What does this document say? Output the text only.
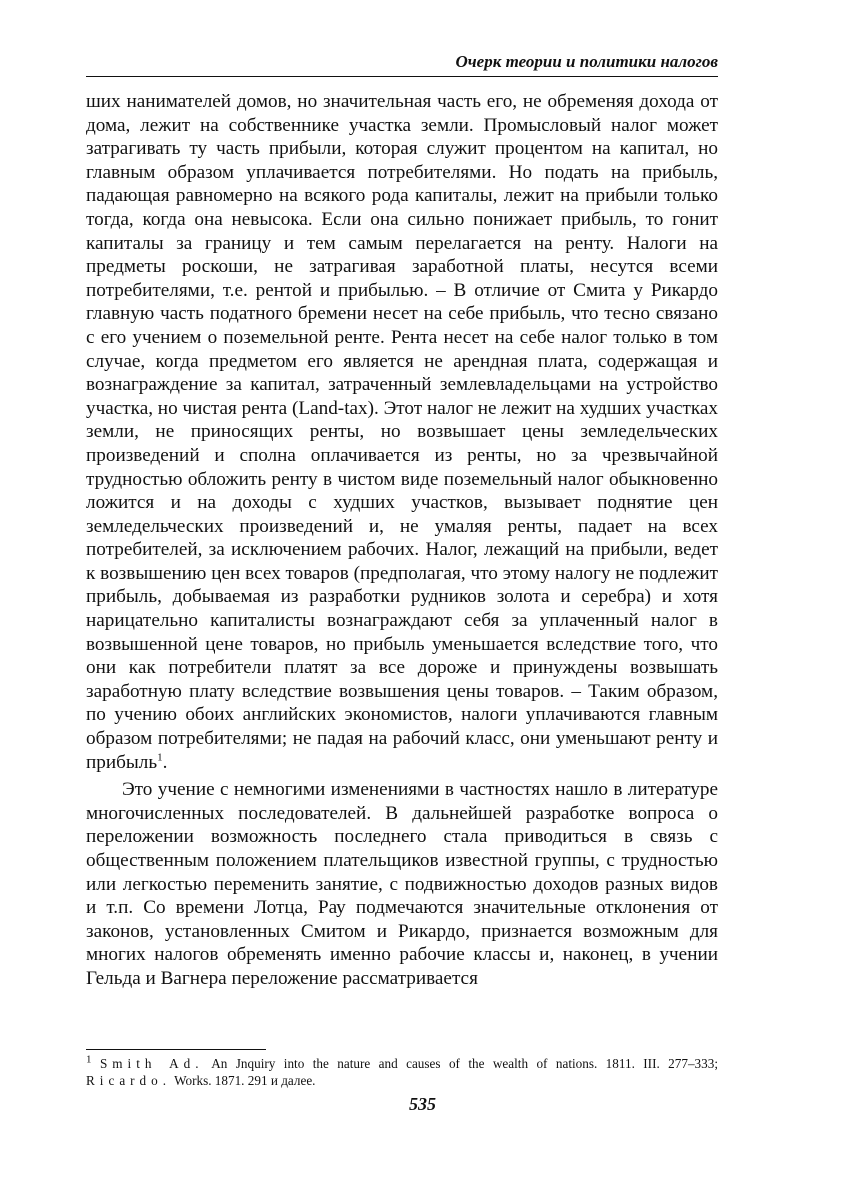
Очерк теории и политики налогов

ших нанимателей домов, но значительная часть его, не обременяя дохода от дома, лежит на собственнике участка земли. Промысловый налог может затрагивать ту часть прибыли, которая служит процентом на капитал, но главным образом уплачивается потребителями. Но подать на прибыль, падающая равномерно на всякого рода капиталы, лежит на прибыли только тогда, когда она невысока. Если она сильно понижает прибыль, то гонит капиталы за границу и тем самым перелагается на ренту. Налоги на предметы роскоши, не затрагивая заработной платы, несутся всеми потребителями, т.е. рентой и прибылью. – В отличие от Смита у Рикардо главную часть податного бремени несет на себе прибыль, что тесно связано с его учением о поземельной ренте. Рента несет на себе налог только в том случае, когда предметом его является не арендная плата, содержащая и вознаграждение за капитал, затраченный землевладельцами на устройство участка, но чистая рента (Land-tax). Этот налог не лежит на худших участках земли, не приносящих ренты, но возвышает цены земледельческих произведений и сполна оплачивается из ренты, но за чрезвычайной трудностью обложить ренту в чистом виде поземельный налог обыкновенно ложится и на доходы с худших участков, вызывает поднятие цен земледельческих произведений и, не умаляя ренты, падает на всех потребителей, за исключением рабочих. Налог, лежащий на прибыли, ведет к возвышению цен всех товаров (предполагая, что этому налогу не подлежит прибыль, добываемая из разработки рудников золота и серебра) и хотя нарицательно капиталисты вознаграждают себя за уплаченный налог в возвышенной цене товаров, но прибыль уменьшается вследствие того, что они как потребители платят за все дороже и принуждены возвышать заработную плату вследствие возвышения цены товаров. – Таким образом, по учению обоих английских экономистов, налоги уплачиваются главным образом потребителями; не падая на рабочий класс, они уменьшают ренту и прибыль$^1$.

Это учение с немногими изменениями в частностях нашло в литературе многочисленных последователей. В дальнейшей разработке вопроса о переложении возможность последнего стала приводиться в связь с общественным положением плательщиков известной группы, с трудностью или легкостью переменить занятие, с подвижностью доходов разных видов и т.п. Со времени Лотца, Рау подмечаются значительные отклонения от законов, установленных Смитом и Рикардо, признается возможным для многих налогов обременять именно рабочие классы и, наконец, в учении Гельда и Вагнера переложение рассматривается

$^1$ Smith Ad. An Jnquiry into the nature and causes of the wealth of nations. 1811. III. 277–333; Ricardo. Works. 1871. 291 и далее.
535
